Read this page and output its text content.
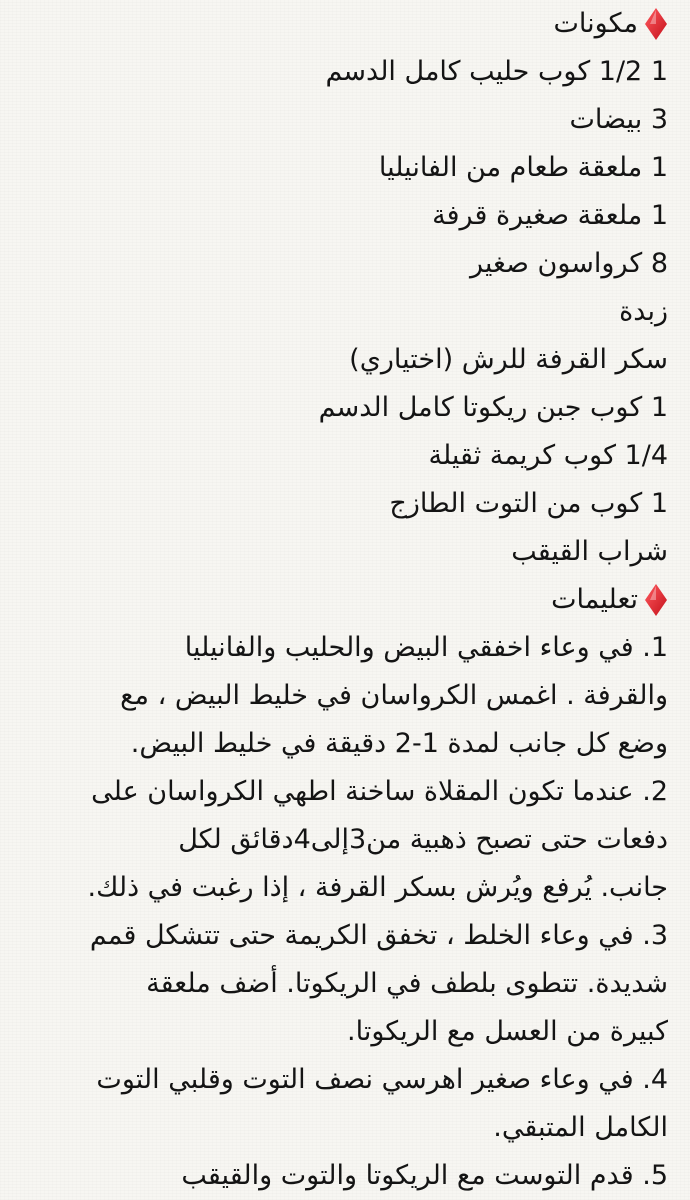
مكونات
1 1/2 كوب حليب كامل الدسم
3 بيضات
1 ملعقة طعام من الفانيليا
1 ملعقة صغيرة قرفة
8 كرواسون صغير
زبدة
سكر القرفة للرش (اختياري)
1 كوب جبن ريكوتا كامل الدسم
1/4 كوب كريمة ثقيلة
1 كوب من التوت الطازج
شراب القيقب
تعليمات
1. في وعاء اخفقي البيض والحليب والفانيليا
والقرفة . اغمس الكرواسان في خليط البيض ، مع
وضع كل جانب لمدة 1-2 دقيقة في خليط البيض.
2. عندما تكون المقلاة ساخنة اطهي الكرواسان على
دفعات حتى تصبح ذهبية من3إلى4دقائق لكل
جانب. يُرفع ويُرش بسكر القرفة ، إذا رغبت في ذلك.
3. في وعاء الخلط ، تخفق الكريمة حتى تتشكل قمم
شديدة. تتطوى بلطف في الريكوتا. أضف ملعقة
كبيرة من العسل مع الريكوتا.
4. في وعاء صغير اهرسي نصف التوت وقلبي التوت
الكامل المتبقي.
5. قدم التوست مع الريكوتا والتوت والقيقب
